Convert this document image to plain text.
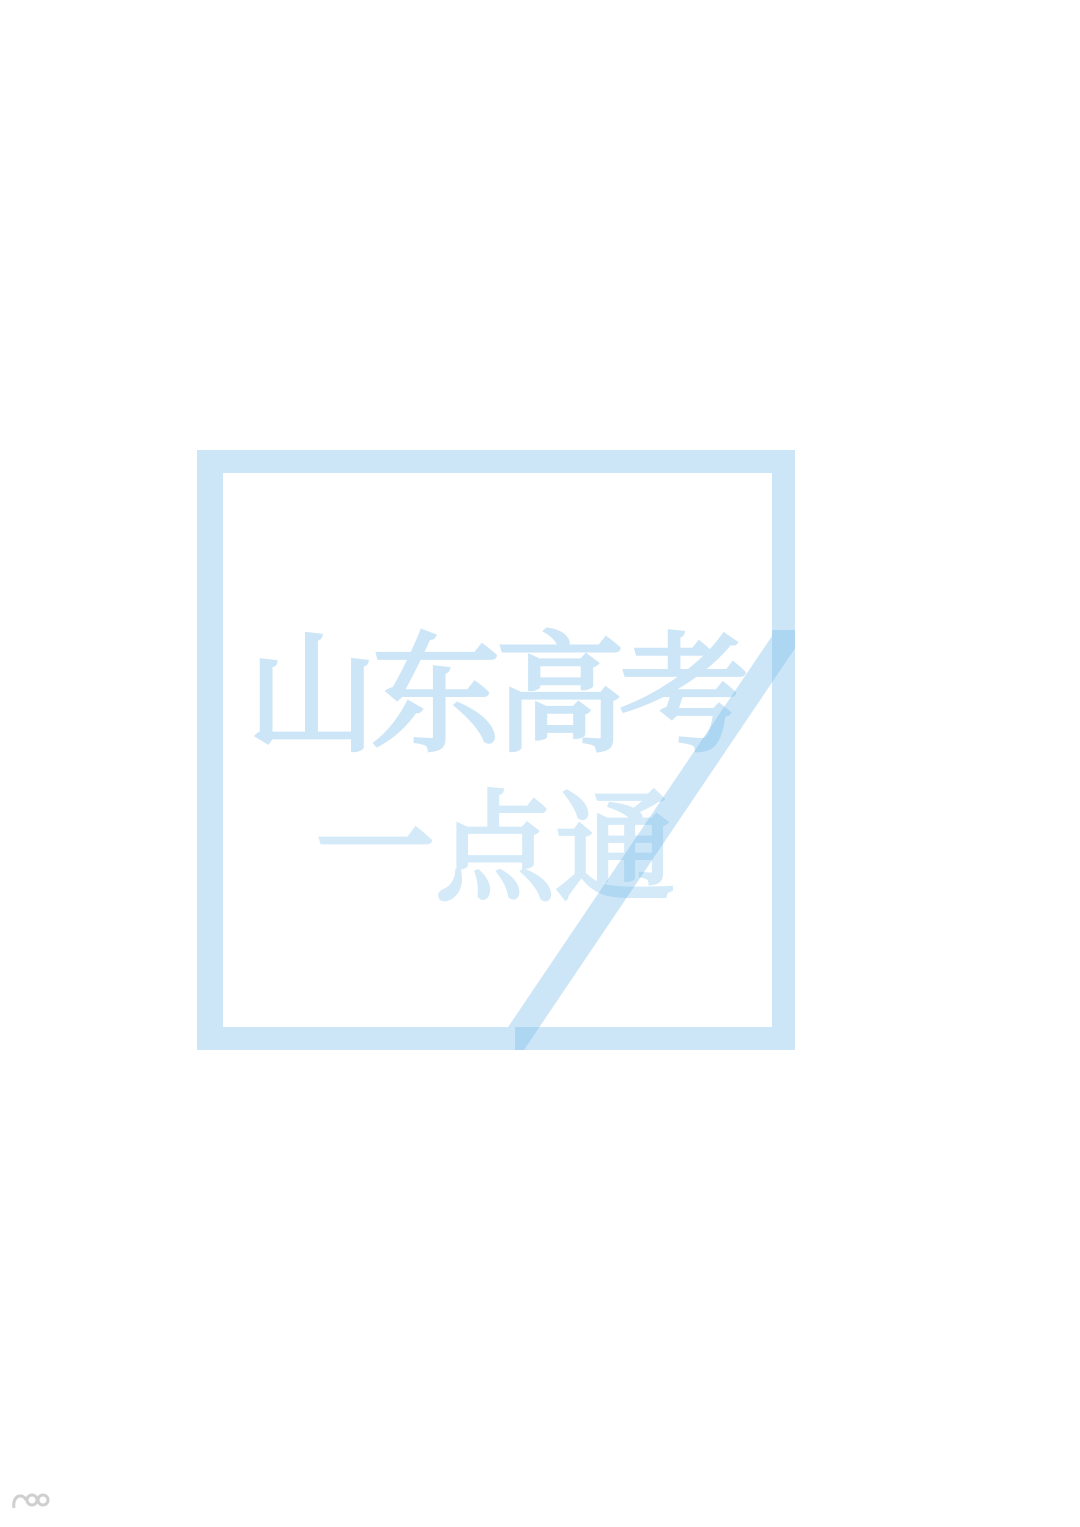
山东高考
一点通
